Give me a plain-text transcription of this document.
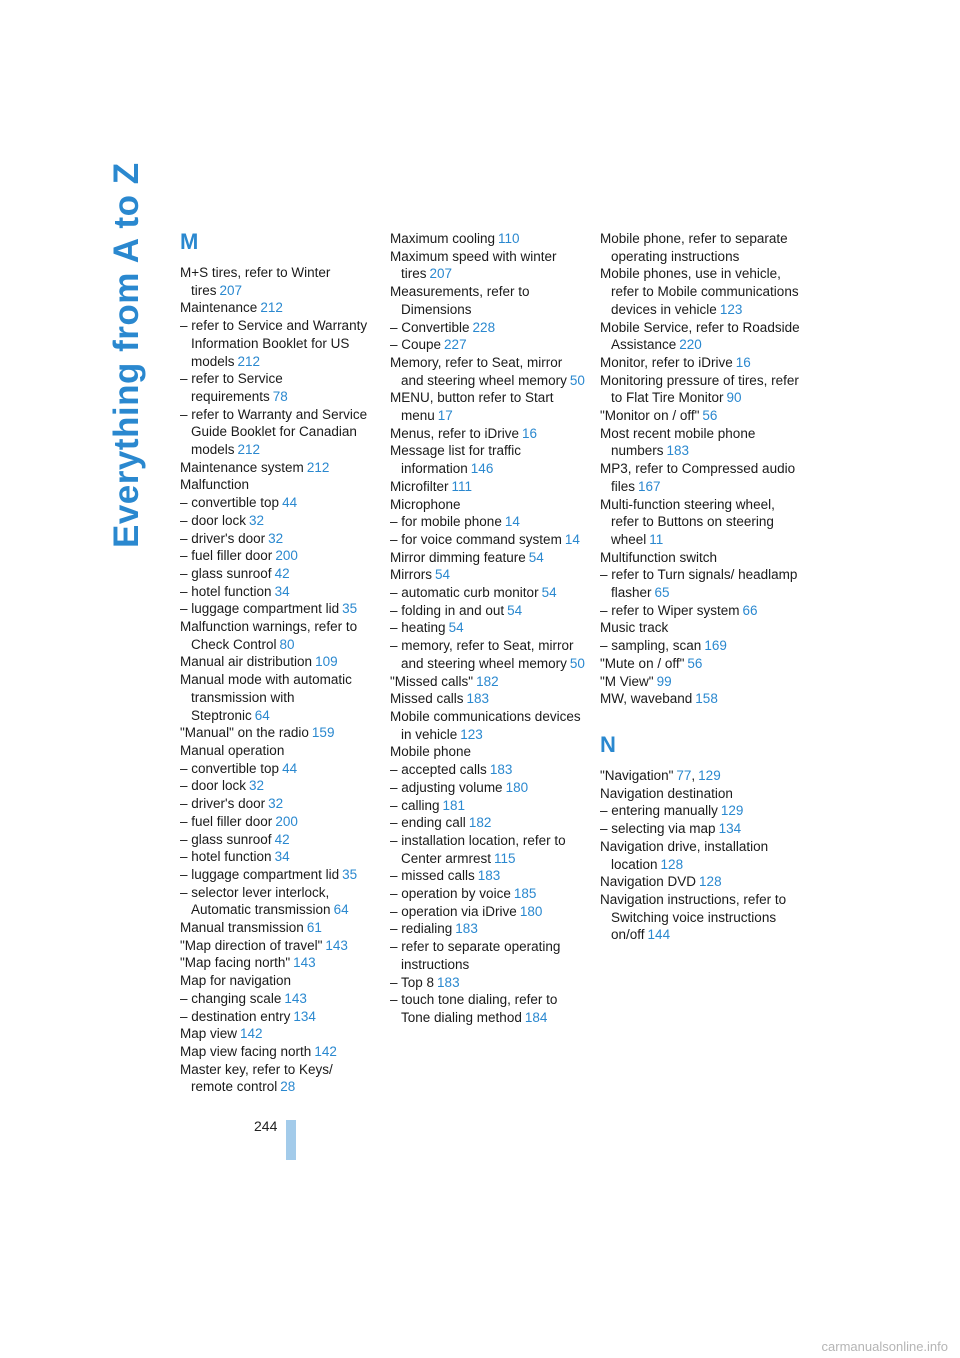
Everything from A to Z M
M+S tires, refer to Winter tires 207
Maintenance 212
– refer to Service and Warranty Information Booklet for US models 212
– refer to Service requirements 78
– refer to Warranty and Service Guide Booklet for Canadian models 212
Maintenance system 212
Malfunction
– convertible top 44
– door lock 32
– driver's door 32
– fuel filler door 200
– glass sunroof 42
– hotel function 34
– luggage compartment lid 35
Malfunction warnings, refer to Check Control 80
Manual air distribution 109
Manual mode with automatic transmission with Steptronic 64
"Manual" on the radio 159
Manual operation
– convertible top 44
– door lock 32
– driver's door 32
– fuel filler door 200
– glass sunroof 42
– hotel function 34
– luggage compartment lid 35
– selector lever interlock, Automatic transmission 64
Manual transmission 61
"Map direction of travel" 143
"Map facing north" 143
Map for navigation
– changing scale 143
– destination entry 134
Map view 142
Map view facing north 142
Master key, refer to Keys/ remote control 28
Maximum cooling 110
Maximum speed with winter tires 207
Measurements, refer to Dimensions
– Convertible 228
– Coupe 227
Memory, refer to Seat, mirror and steering wheel memory 50
MENU, button refer to Start menu 17
Menus, refer to iDrive 16
Message list for traffic information 146
Microfilter 111
Microphone
– for mobile phone 14
– for voice command system 14
Mirror dimming feature 54
Mirrors 54
– automatic curb monitor 54
– folding in and out 54
– heating 54
– memory, refer to Seat, mirror and steering wheel memory 50
"Missed calls" 182
Missed calls 183
Mobile communications devices in vehicle 123
Mobile phone
– accepted calls 183
– adjusting volume 180
– calling 181
– ending call 182
– installation location, refer to Center armrest 115
– missed calls 183
– operation by voice 185
– operation via iDrive 180
– redialing 183
– refer to separate operating instructions
– Top 8 183
– touch tone dialing, refer to Tone dialing method 184
Mobile phone, refer to separate operating instructions
Mobile phones, use in vehicle, refer to Mobile communications devices in vehicle 123
Mobile Service, refer to Roadside Assistance 220
Monitor, refer to iDrive 16
Monitoring pressure of tires, refer to Flat Tire Monitor 90
"Monitor on / off" 56
Most recent mobile phone numbers 183
MP3, refer to Compressed audio files 167
Multi-function steering wheel, refer to Buttons on steering wheel 11
Multifunction switch
– refer to Turn signals/ headlamp flasher 65
– refer to Wiper system 66
Music track
– sampling, scan 169
"Mute on / off" 56
"M View" 99
MW, waveband 158
N
"Navigation" 77, 129
Navigation destination
– entering manually 129
– selecting via map 134
Navigation drive, installation location 128
Navigation DVD 128
Navigation instructions, refer to Switching voice instructions on/off 144
244
carmanualsonline.info
